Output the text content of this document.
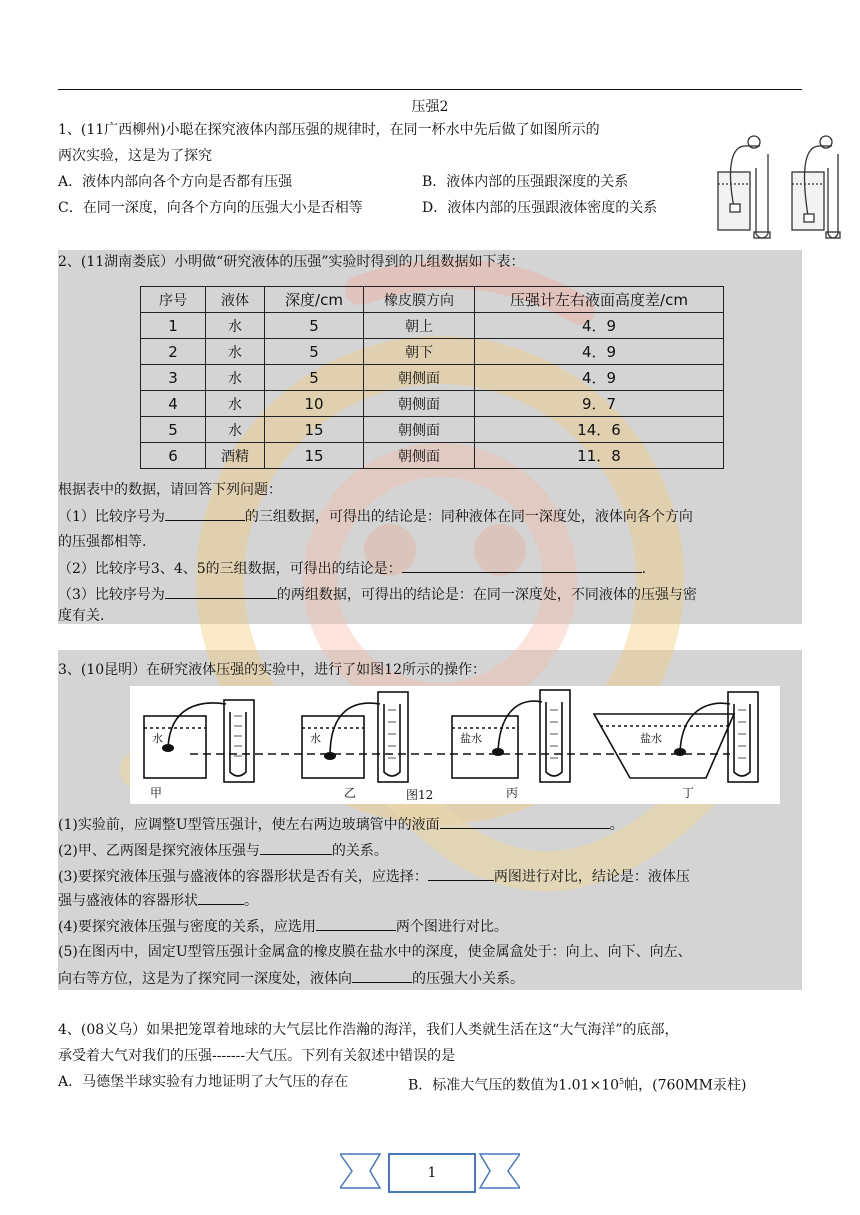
压强2
1、(11广西柳州)小聪在探究液体内部压强的规律时，在同一杯水中先后做了如图所示的
两次实验，这是为了探究
A．液体内部向各个方向是否都有压强	B．液体内部的压强跟深度的关系
C．在同一深度，向各个方向的压强大小是否相等	D．液体内部的压强跟液体密度的关系
2、(11湖南娄底）小明做“研究液体的压强”实验时得到的几组数据如下表：
序号	液体	深度/cm	橡皮膜方向	压强计左右液面高度差/cm
1	水	5	朝上	4．9
2	水	5	朝下	4．9
3	水	5	朝侧面	4．9
4	水	10	朝侧面	9．7
5	水	15	朝侧面	14．6
6	酒精	15	朝侧面	11．8
根据表中的数据，请回答下列问题：
（1）比较序号为	的三组数据，可得出的结论是：同种液体在同一深度处，液体向各个方向
的压强都相等.
（2）比较序号3、4、5的三组数据，可得出的结论是：	.
（3）比较序号为	的两组数据，可得出的结论是：在同一深度处，不同液体的压强与密
度有关.
3、(10昆明）在研究液体压强的实验中，进行了如图12所示的操作：
水	水	盐水	盐水
甲	乙	图12	丙	丁
(1)实验前，应调整U型管压强计，使左右两边玻璃管中的液面	。
(2)甲、乙两图是探究液体压强与	的关系。
(3)要探究液体压强与盛液体的容器形状是否有关，应选择：	两图进行对比，结论是：液体压
强与盛液体的容器形状	。
(4)要探究液体压强与密度的关系，应选用	两个图进行对比。
(5)在图丙中，固定U型管压强计金属盒的橡皮膜在盐水中的深度，使金属盒处于：向上、向下、向左、
向右等方位，这是为了探究同一深度处，液体向	的压强大小关系。
4、(08义乌）如果把笼罩着地球的大气层比作浩瀚的海洋，我们人类就生活在这“大气海洋”的底部，
承受着大气对我们的压强-------大气压。下列有关叙述中错误的是
A．马德堡半球实验有力地证明了大气压的存在	B．标准大气压的数值为$1.01\times 10^5$帕，(760MM汞柱)
1
